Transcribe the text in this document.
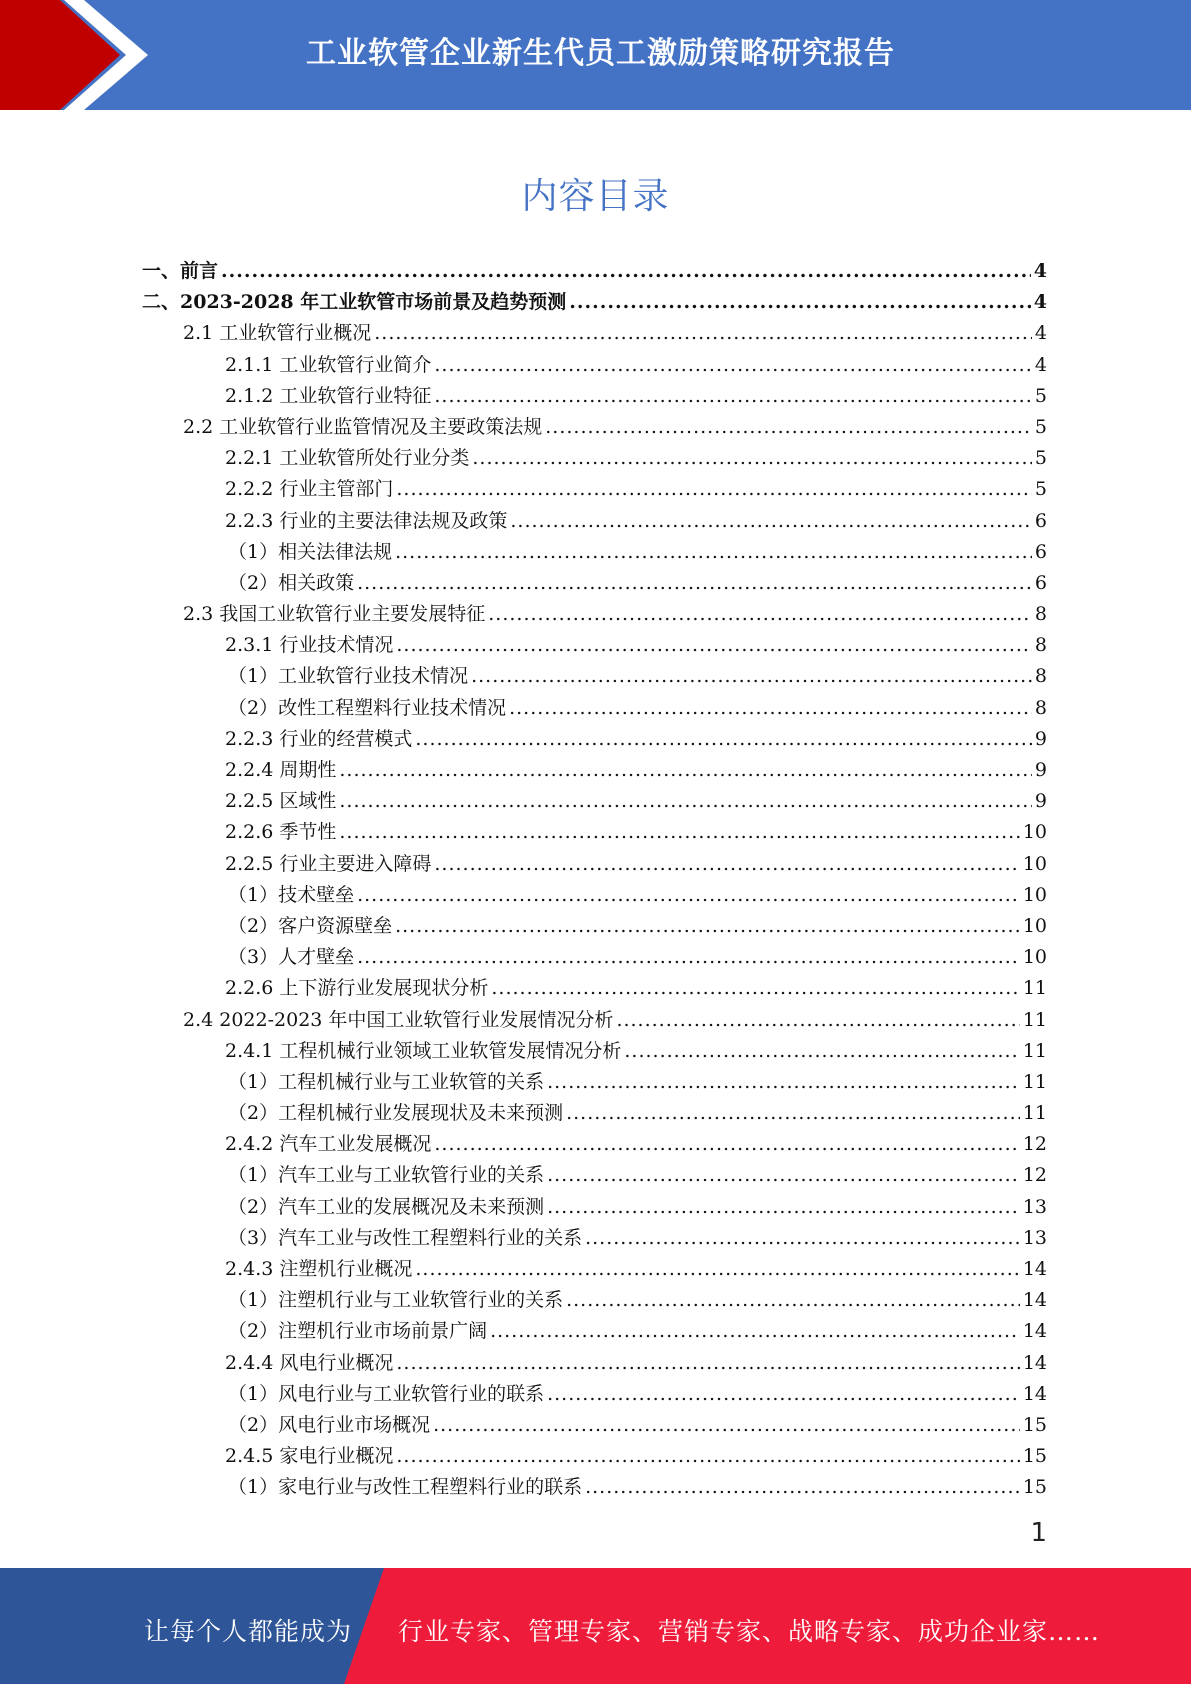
工业软管企业新生代员工激励策略研究报告
内容目录
一、前言 .....	4
二、2023-2028 年工业软管市场前景及趋势预测 .....	4
2.1 工业软管行业概况 .....	4
2.1.1 工业软管行业简介 .....	4
2.1.2 工业软管行业特征 .....	5
2.2 工业软管行业监管情况及主要政策法规 .....	5
2.2.1 工业软管所处行业分类 .....	5
2.2.2 行业主管部门 .....	5
2.2.3 行业的主要法律法规及政策 .....	6
（1）相关法律法规 .....	6
（2）相关政策 .....	6
2.3 我国工业软管行业主要发展特征 .....	8
2.3.1 行业技术情况 .....	8
（1）工业软管行业技术情况 .....	8
（2）改性工程塑料行业技术情况 .....	8
2.2.3 行业的经营模式 .....	9
2.2.4 周期性 .....	9
2.2.5 区域性 .....	9
2.2.6 季节性 .....	10
2.2.5 行业主要进入障碍 .....	10
（1）技术壁垒 .....	10
（2）客户资源壁垒 .....	10
（3）人才壁垒 .....	10
2.2.6 上下游行业发展现状分析 .....	11
2.4 2022-2023 年中国工业软管行业发展情况分析 .....	11
2.4.1 工程机械行业领域工业软管发展情况分析 .....	11
（1）工程机械行业与工业软管的关系 .....	11
（2）工程机械行业发展现状及未来预测 .....	11
2.4.2 汽车工业发展概况 .....	12
（1）汽车工业与工业软管行业的关系 .....	12
（2）汽车工业的发展概况及未来预测 .....	13
（3）汽车工业与改性工程塑料行业的关系 .....	13
2.4.3 注塑机行业概况 .....	14
（1）注塑机行业与工业软管行业的关系 .....	14
（2）注塑机行业市场前景广阔 .....	14
2.4.4 风电行业概况 .....	14
（1）风电行业与工业软管行业的联系 .....	14
（2）风电行业市场概况 .....	15
2.4.5 家电行业概况 .....	15
（1）家电行业与改性工程塑料行业的联系 .....	15
1
让每个人都能成为 行业专家、管理专家、营销专家、战略专家、成功企业家……
